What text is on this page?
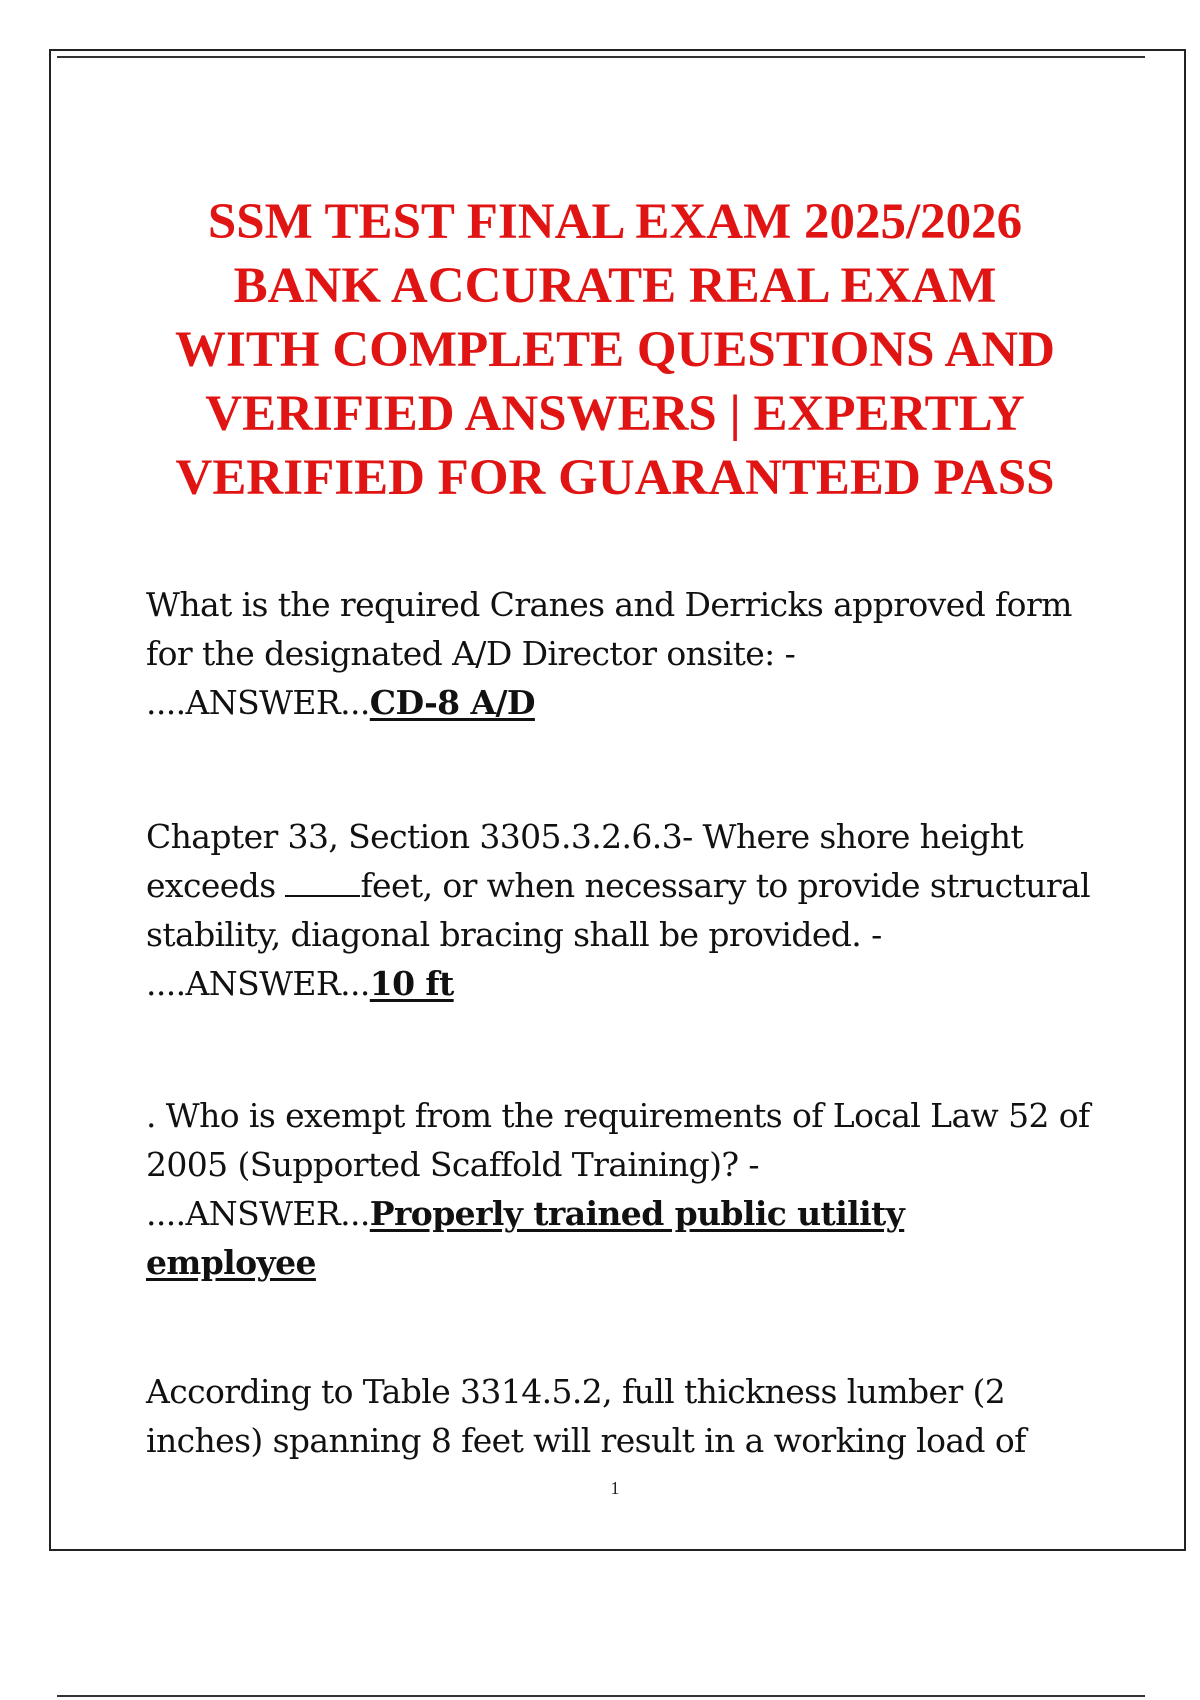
SSM TEST FINAL EXAM 2025/2026
BANK ACCURATE REAL EXAM
WITH COMPLETE QUESTIONS AND
VERIFIED ANSWERS | EXPERTLY
VERIFIED FOR GUARANTEED PASS

What is the required Cranes and Derricks approved form
for the designated A/D Director onsite: -
....ANSWER...CD-8 A/D

Chapter 33, Section 3305.3.2.6.3- Where shore height
exceeds feet, or when necessary to provide structural
stability, diagonal bracing shall be provided. -
....ANSWER...10 ft

. Who is exempt from the requirements of Local Law 52 of
2005 (Supported Scaffold Training)? -
....ANSWER...Properly trained public utility
employee

According to Table 3314.5.2, full thickness lumber (2
inches) spanning 8 feet will result in a working load of

1
